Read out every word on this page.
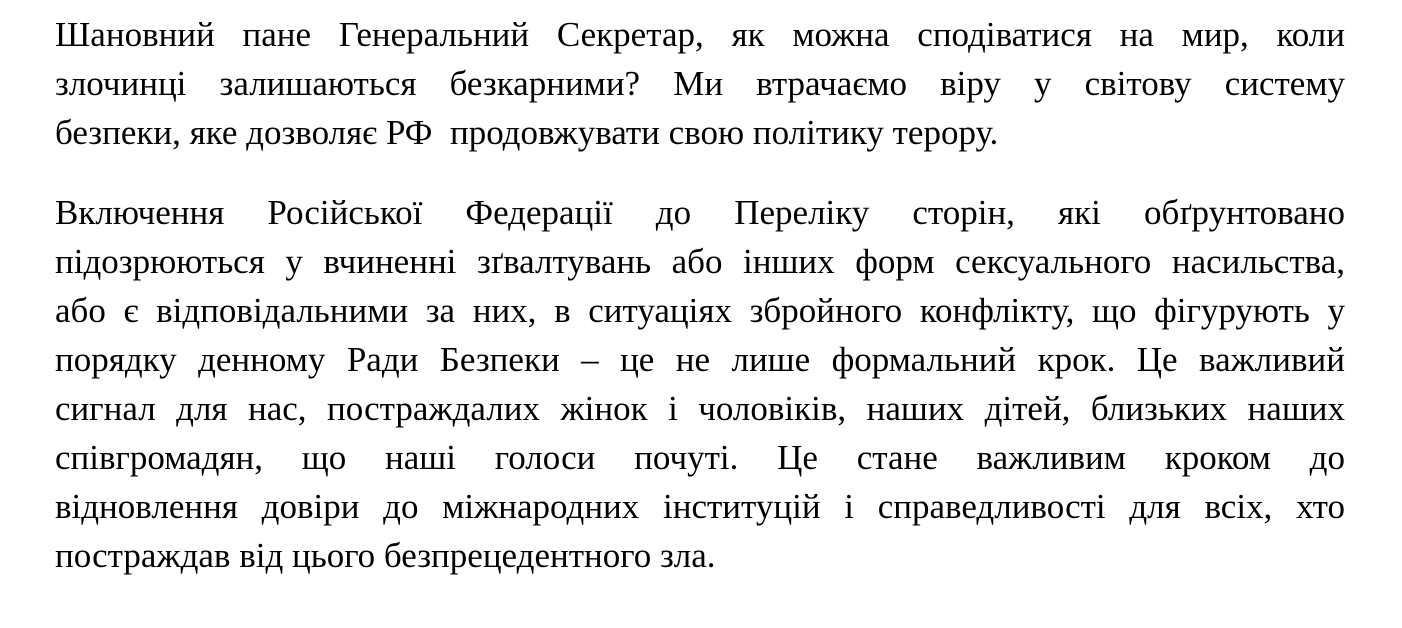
Шановний пане Генеральний Секретар, як можна сподіватися на мир, коли
злочинці залишаються безкарними? Ми втрачаємо віру у світову систему
безпеки, яке дозволяє РФ  продовжувати свою політику терору.
Включення Російської Федерації до Переліку сторін, які обґрунтовано
підозрюються у вчиненні зґвалтувань або інших форм сексуального насильства,
або є відповідальними за них, в ситуаціях збройного конфлікту, що фігурують у
порядку денному Ради Безпеки – це не лише формальний крок. Це важливий
сигнал для нас, постраждалих жінок і чоловіків, наших дітей, близьких наших
співгромадян, що наші голоси почуті. Це стане важливим кроком до
відновлення довіри до міжнародних інституцій і справедливості для всіх, хто
постраждав від цього безпрецедентного зла.
